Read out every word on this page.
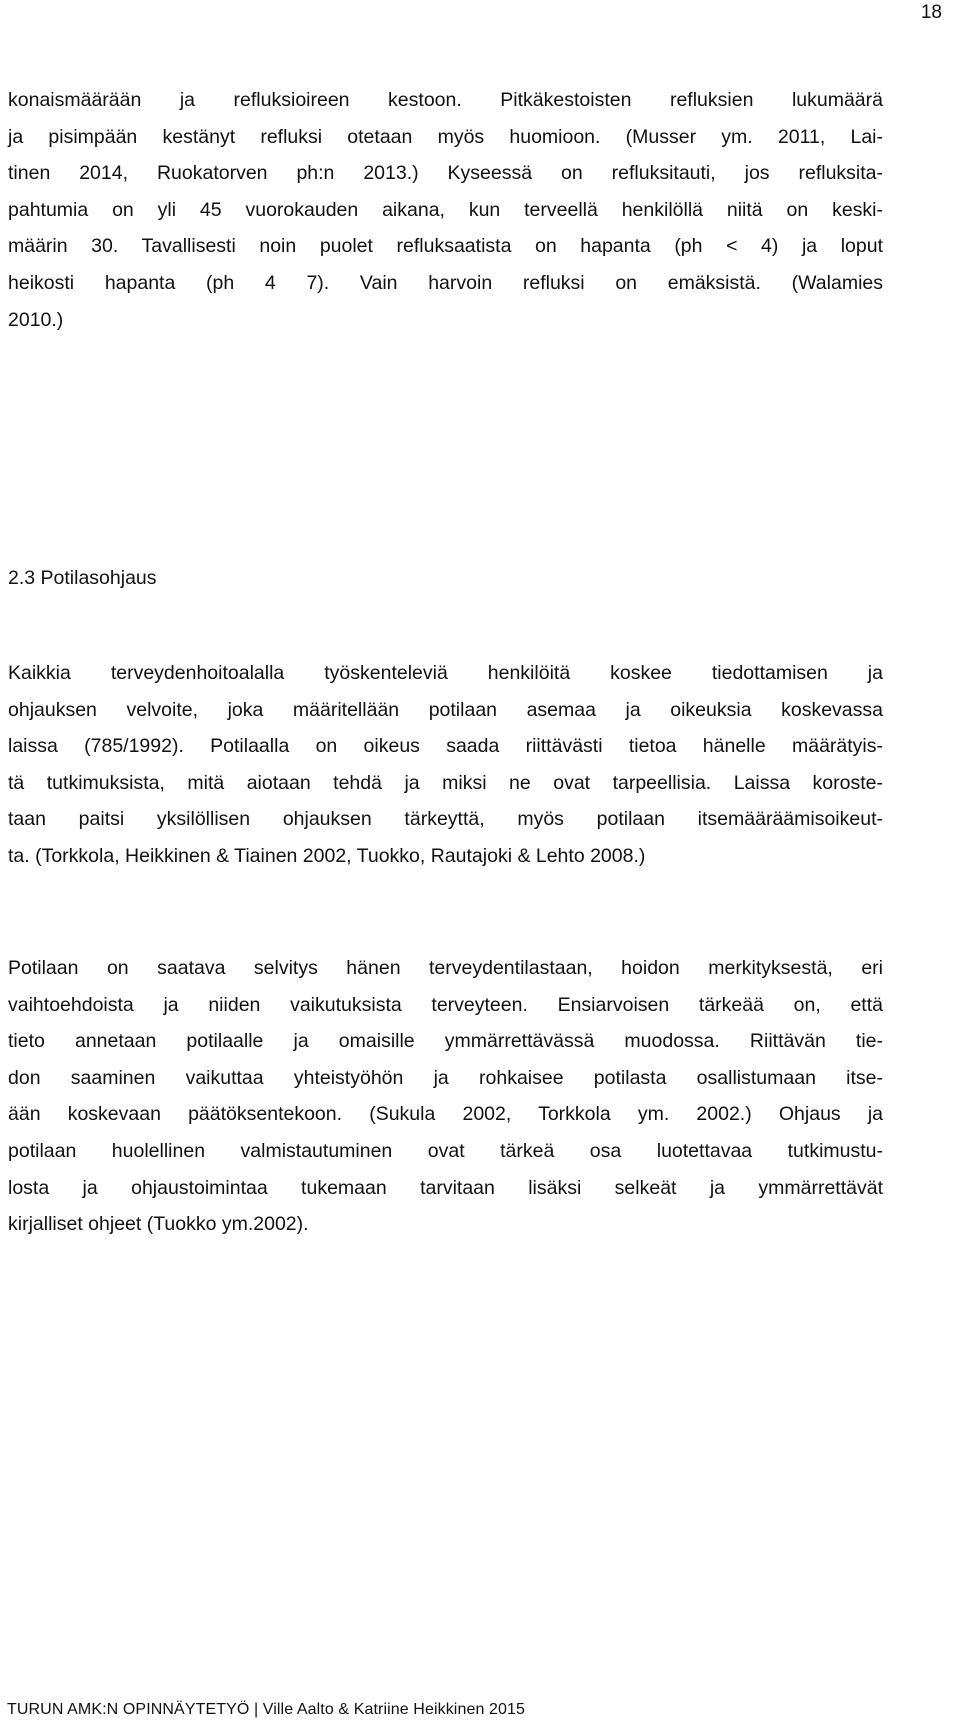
18

konaismäärään ja refluksioireen kestoon. Pitkäkestoisten refluksien lukumäärä
ja pisimpään kestänyt refluksi otetaan myös huomioon. (Musser ym. 2011, Lai-
tinen 2014, Ruokatorven ph:n 2013.) Kyseessä on refluksitauti, jos refluksita-
pahtumia on yli 45 vuorokauden aikana, kun terveellä henkilöllä niitä on keski-
määrin 30. Tavallisesti noin puolet refluksaatista on hapanta (ph < 4) ja loput
heikosti hapanta (ph 4 7). Vain harvoin refluksi on emäksistä. (Walamies
2010.)

2.3 Potilasohjaus

Kaikkia terveydenhoitoalalla työskenteleviä henkilöitä koskee tiedottamisen ja
ohjauksen velvoite, joka määritellään potilaan asemaa ja oikeuksia koskevassa
laissa (785/1992). Potilaalla on oikeus saada riittävästi tietoa hänelle määrätyis-
tä tutkimuksista, mitä aiotaan tehdä ja miksi ne ovat tarpeellisia. Laissa koroste-
taan paitsi yksilöllisen ohjauksen tärkeyttä, myös potilaan itsemääräämisoikeut-
ta. (Torkkola, Heikkinen & Tiainen 2002, Tuokko, Rautajoki & Lehto 2008.)

Potilaan on saatava selvitys hänen terveydentilastaan, hoidon merkityksestä, eri
vaihtoehdoista ja niiden vaikutuksista terveyteen. Ensiarvoisen tärkeää on, että
tieto annetaan potilaalle ja omaisille ymmärrettävässä muodossa. Riittävän tie-
don saaminen vaikuttaa yhteistyöhön ja rohkaisee potilasta osallistumaan itse-
ään koskevaan päätöksentekoon. (Sukula 2002, Torkkola ym. 2002.) Ohjaus ja
potilaan huolellinen valmistautuminen ovat tärkeä osa luotettavaa tutkimustu-
losta ja ohjaustoimintaa tukemaan tarvitaan lisäksi selkeät ja ymmärrettävät
kirjalliset ohjeet (Tuokko ym.2002).

TURUN AMK:N OPINNÄYTETYÖ | Ville Aalto & Katriine Heikkinen 2015
